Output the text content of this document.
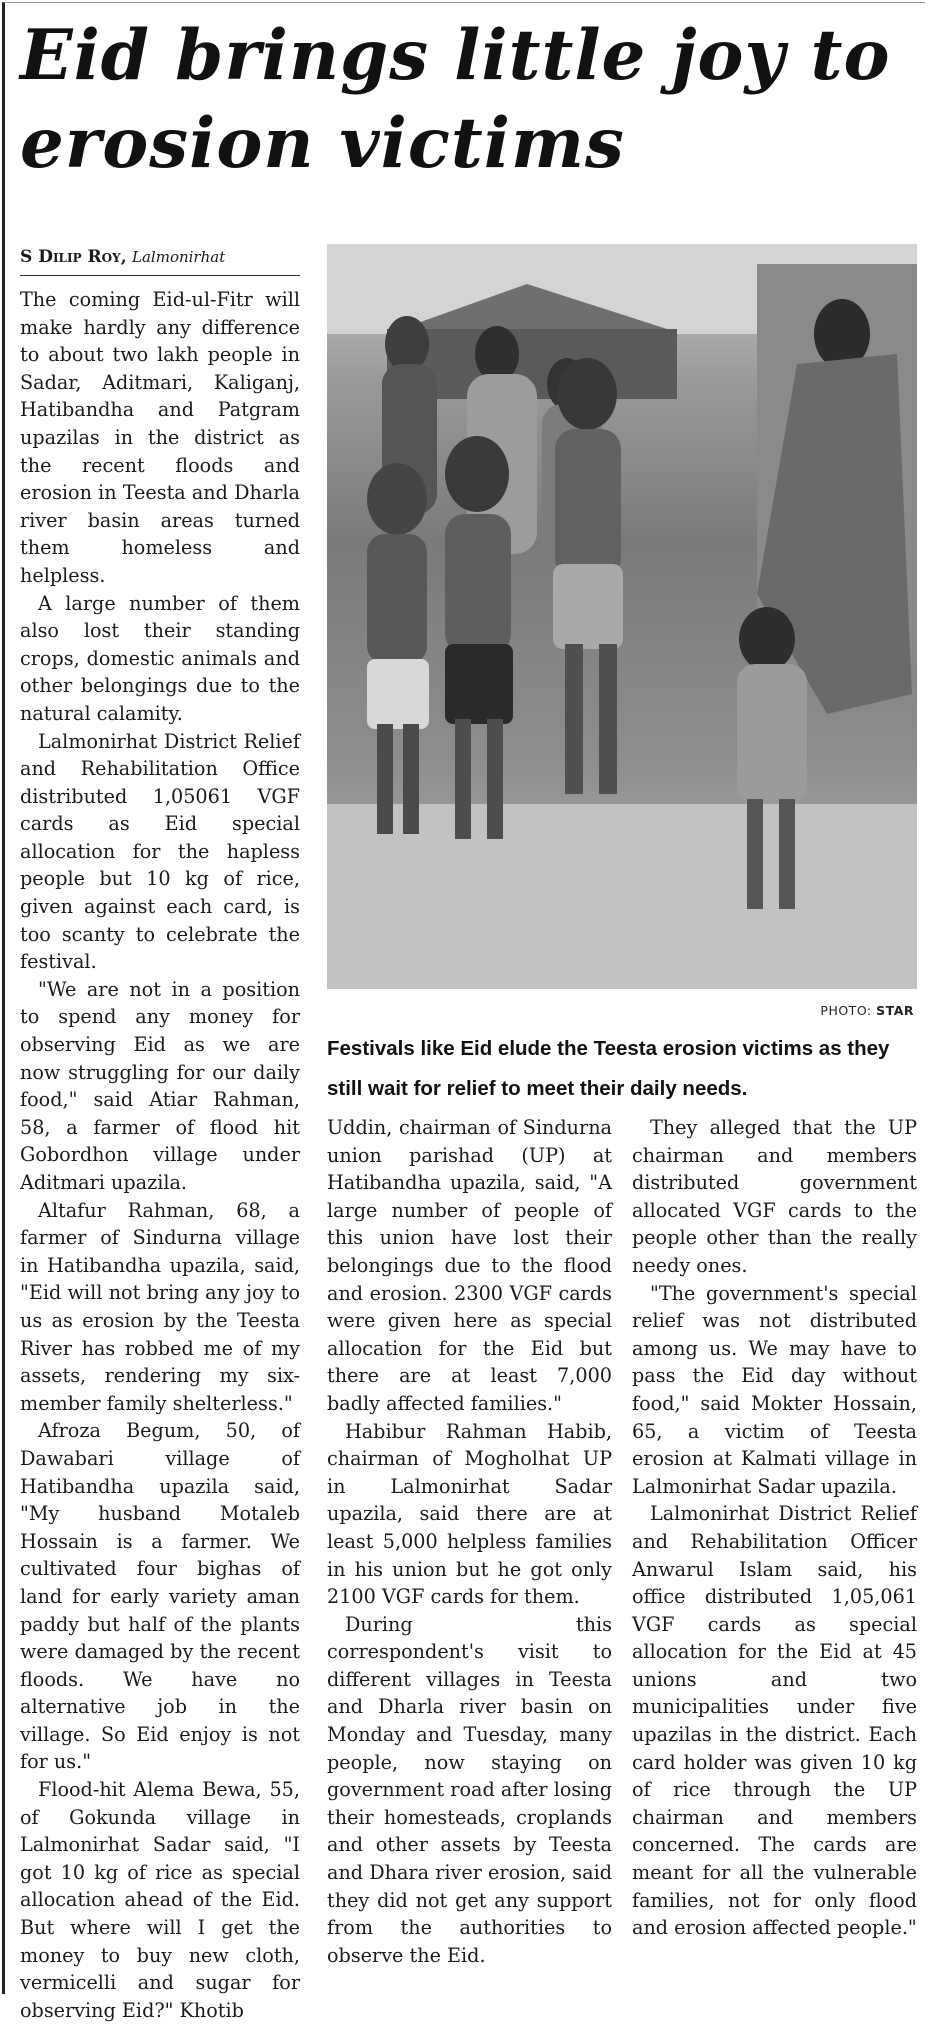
Eid brings little joy to erosion victims
S Dilip Roy, Lalmonirhat

The coming Eid-ul-Fitr will make hardly any difference to about two lakh people in Sadar, Aditmari, Kaliganj, Hatibandha and Patgram upazilas in the district as the recent floods and erosion in Teesta and Dharla river basin areas turned them homeless and helpless.

A large number of them also lost their standing crops, domestic animals and other belongings due to the natural calamity.

Lalmonirhat District Relief and Rehabilitation Office distributed 1,05061 VGF cards as Eid special allocation for the hapless people but 10 kg of rice, given against each card, is too scanty to celebrate the festival.

"We are not in a position to spend any money for observing Eid as we are now struggling for our daily food," said Atiar Rahman, 58, a farmer of flood hit Gobordhon village under Aditmari upazila.

Altafur Rahman, 68, a farmer of Sindurna village in Hatibandha upazila, said, "Eid will not bring any joy to us as erosion by the Teesta River has robbed me of my assets, rendering my six-member family shelterless."

Afroza Begum, 50, of Dawabari village of Hatibandha upazila said, "My husband Motaleb Hossain is a farmer. We cultivated four bighas of land for early variety aman paddy but half of the plants were damaged by the recent floods. We have no alternative job in the village. So Eid enjoy is not for us."

Flood-hit Alema Bewa, 55, of Gokunda village in Lalmonirhat Sadar said, "I got 10 kg of rice as special allocation ahead of the Eid. But where will I get the money to buy new cloth, vermicelli and sugar for observing Eid?" Khotib

PHOTO: STAR

Festivals like Eid elude the Teesta erosion victims as they still wait for relief to meet their daily needs.

Uddin, chairman of Sindurna union parishad (UP) at Hatibandha upazila, said, "A large number of people of this union have lost their belongings due to the flood and erosion. 2300 VGF cards were given here as special allocation for the Eid but there are at least 7,000 badly affected families."

Habibur Rahman Habib, chairman of Mogholhat UP in Lalmonirhat Sadar upazila, said there are at least 5,000 helpless families in his union but he got only 2100 VGF cards for them.

During this correspondent's visit to different villages in Teesta and Dharla river basin on Monday and Tuesday, many people, now staying on government road after losing their homesteads, croplands and other assets by Teesta and Dhara river erosion, said they did not get any support from the authorities to observe the Eid.

They alleged that the UP chairman and members distributed government allocated VGF cards to the people other than the really needy ones.

"The government's special relief was not distributed among us. We may have to pass the Eid day without food," said Mokter Hossain, 65, a victim of Teesta erosion at Kalmati village in Lalmonirhat Sadar upazila.

Lalmonirhat District Relief and Rehabilitation Officer Anwarul Islam said, his office distributed 1,05,061 VGF cards as special allocation for the Eid at 45 unions and two municipalities under five upazilas in the district. Each card holder was given 10 kg of rice through the UP chairman and members concerned. The cards are meant for all the vulnerable families, not for only flood and erosion affected people."
